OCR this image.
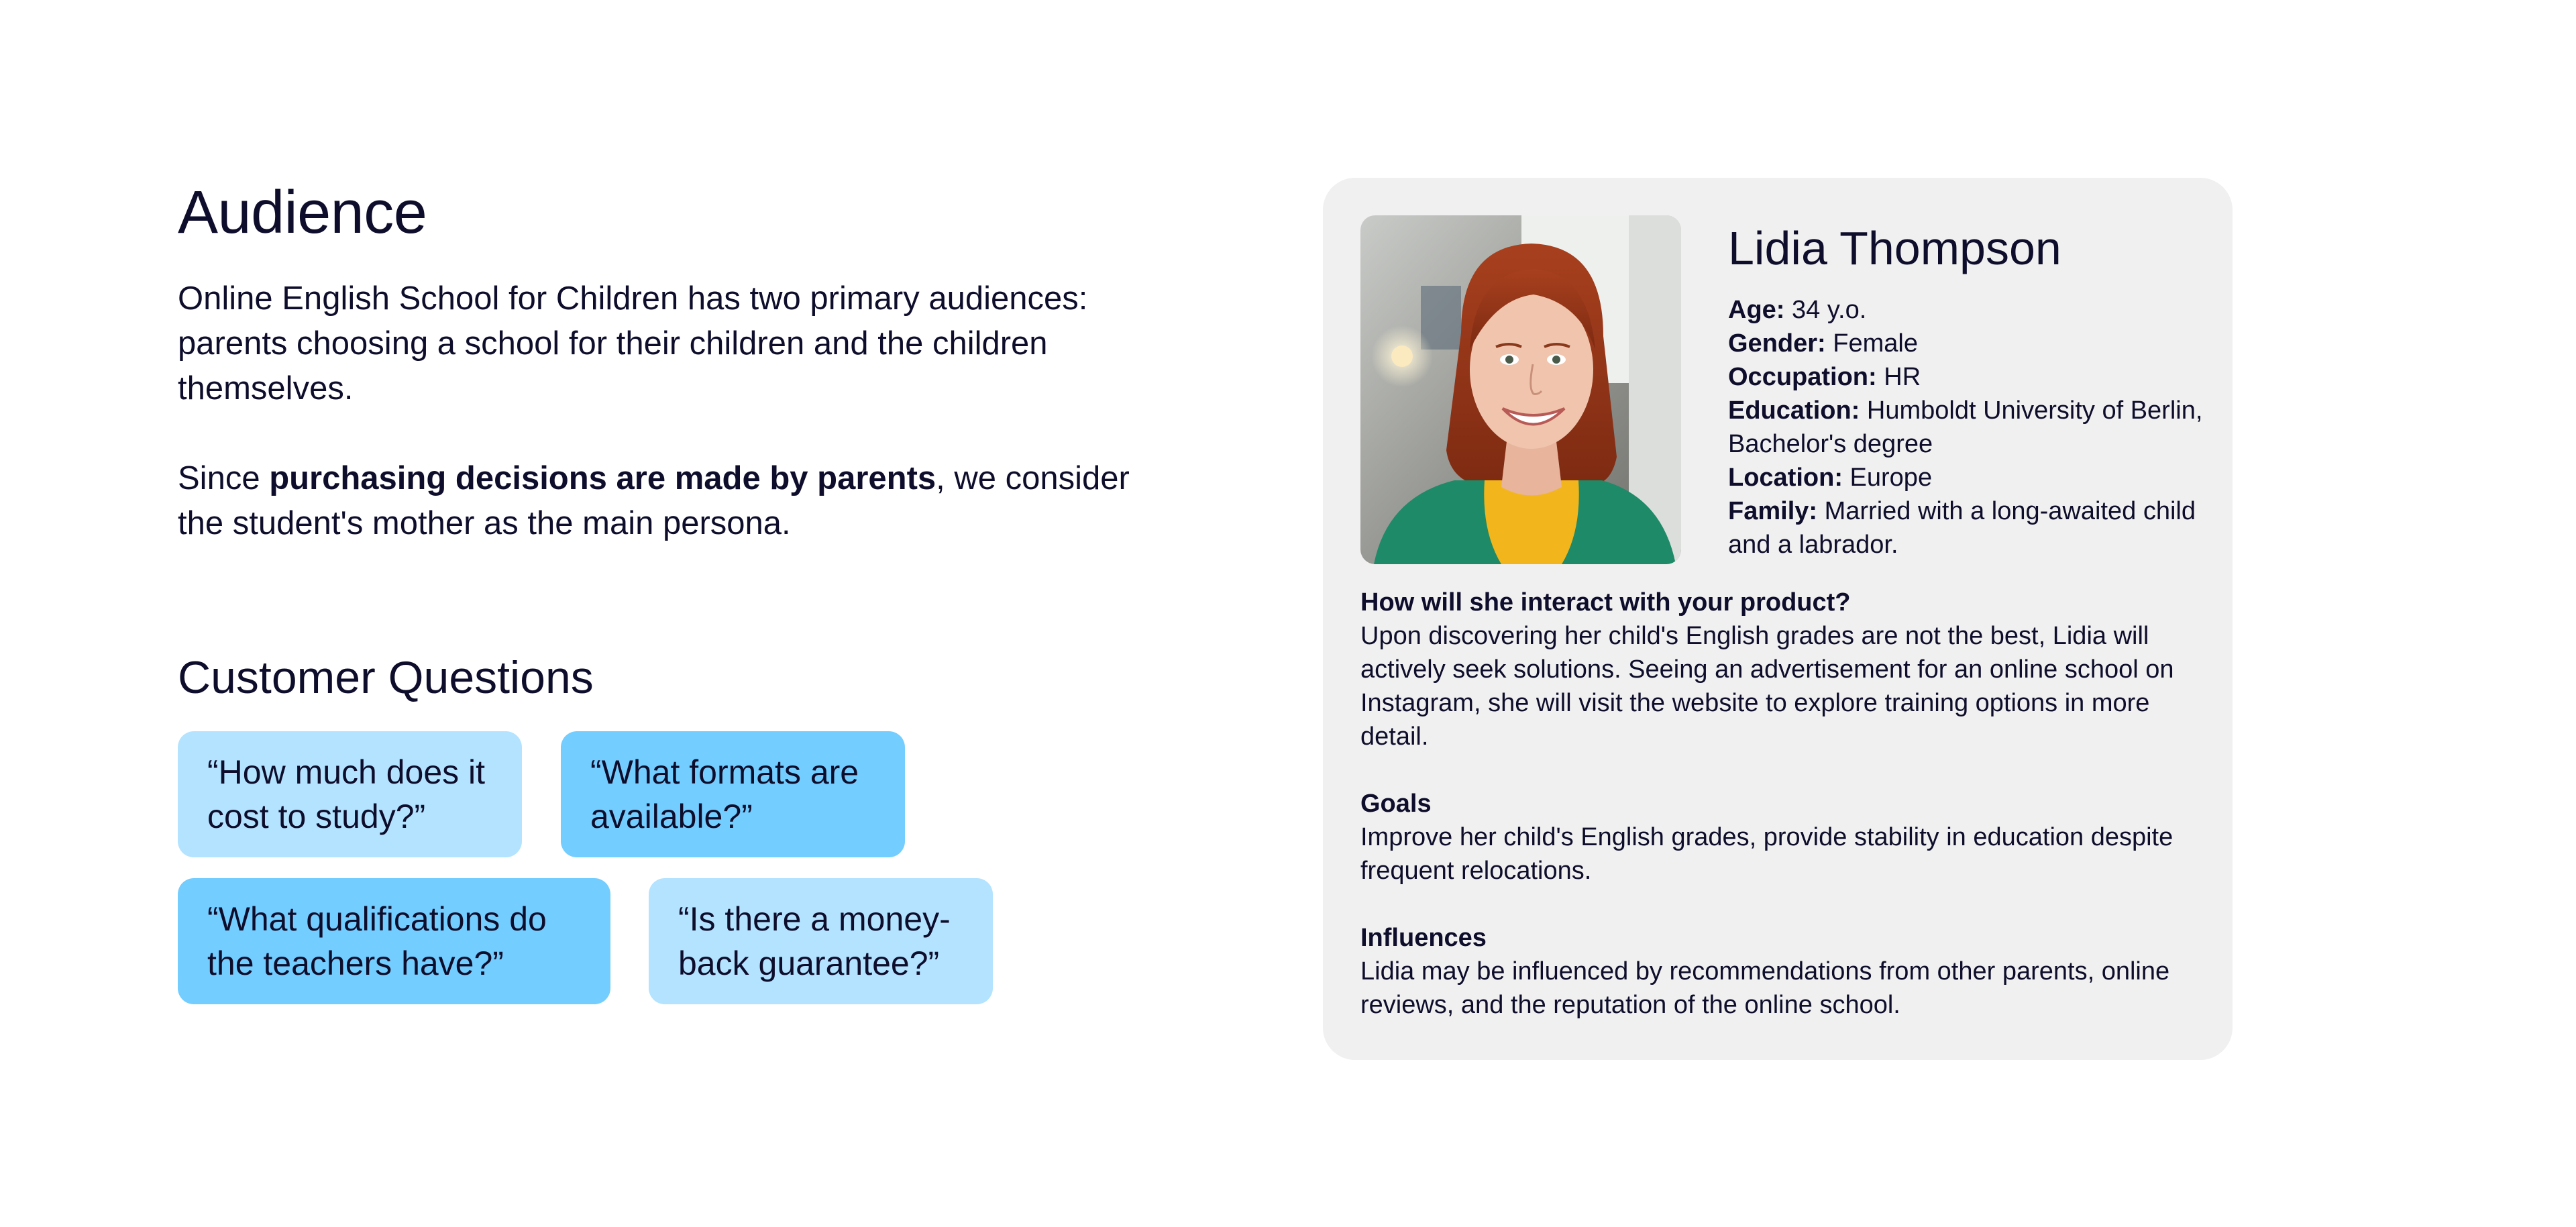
Audience

Online English School for Children has two primary audiences: parents choosing a school for their children and the children themselves.

Since purchasing decisions are made by parents, we consider the student's mother as the main persona.

Customer Questions
“How much does it cost to study?”
“What formats are available?”
“What qualifications do the teachers have?”
“Is there a money-back guarantee?”
Lidia Thompson
Age: 34 y.o.
Gender: Female
Occupation: HR
Education: Humboldt University of Berlin, Bachelor's degree
Location: Europe
Family: Married with a long-awaited child and a labrador.

How will she interact with your product?

Upon discovering her child's English grades are not the best, Lidia will actively seek solutions. Seeing an advertisement for an online school on Instagram, she will visit the website to explore training options in more detail.

Goals

Improve her child's English grades, provide stability in education despite frequent relocations.

Influences

Lidia may be influenced by recommendations from other parents, online reviews, and the reputation of the online school.
